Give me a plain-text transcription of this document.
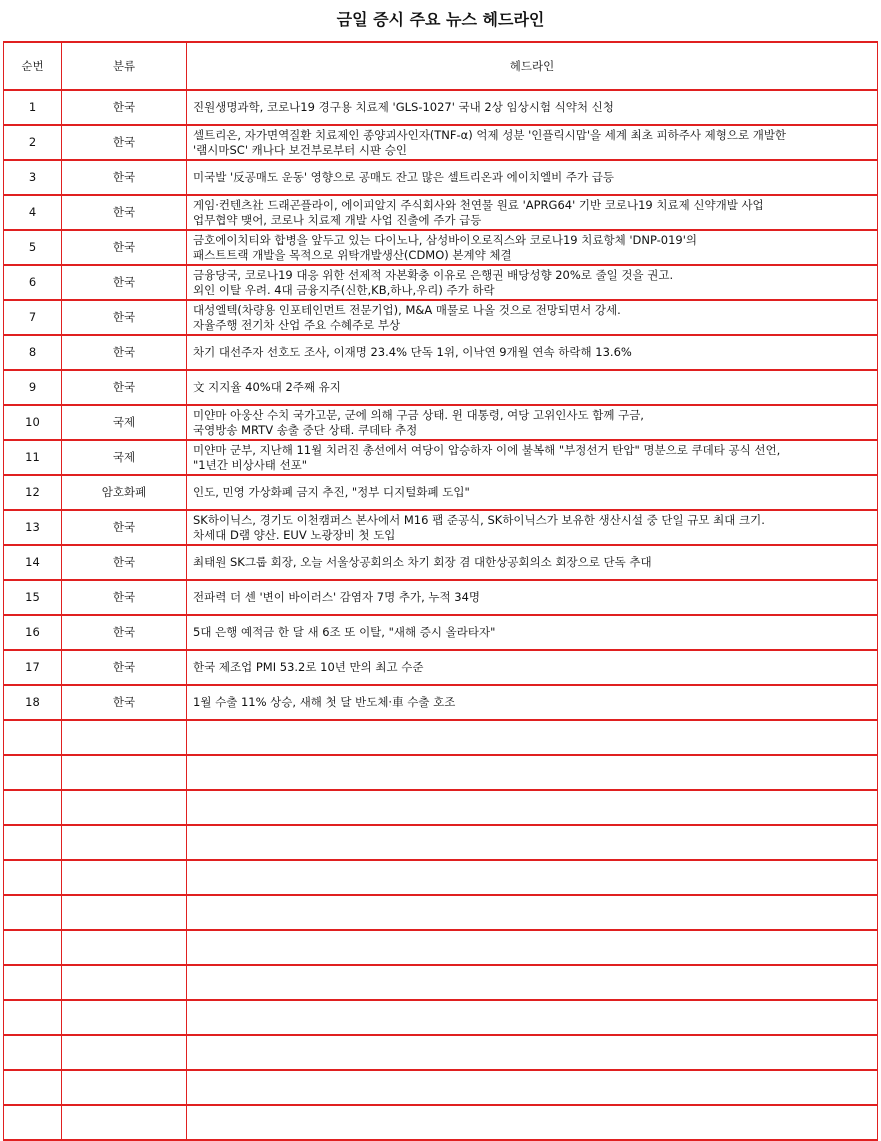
금일 증시 주요 뉴스 헤드라인
순번	분류	헤드라인
1	한국	진원생명과학, 코로나19 경구용 치료제 'GLS-1027' 국내 2상 임상시험 식약처 신청

2	한국	셀트리온, 자가면역질환 치료제인 종양괴사인자(TNF-α) 억제 성분 '인플릭시맙'을 세계 최초 피하주사 제형으로 개발한
'램시마SC' 캐나다 보건부로부터 시판 승인

3	한국	미국발 '反공매도 운동' 영향으로 공매도 잔고 많은 셀트리온과 에이치엘비 주가 급등

4	한국	게임·컨텐츠社 드래곤플라이, 에이피알지 주식회사와 천연물 원료 'APRG64' 기반 코로나19 치료제 신약개발 사업
업무협약 맺어, 코로나 치료제 개발 사업 진출에 주가 급등

5	한국	금호에이치티와 합병을 앞두고 있는 다이노나, 삼성바이오로직스와 코로나19 치료항체 'DNP-019'의
패스트트랙 개발을 목적으로 위탁개발생산(CDMO) 본계약 체결

6	한국	금융당국, 코로나19 대응 위한 선제적 자본확충 이유로 은행권 배당성향 20%로 줄일 것을 권고.
외인 이탈 우려. 4대 금융지주(신한,KB,하나,우리) 주가 하락

7	한국	대성엘텍(차량용 인포테인먼트 전문기업), M&A 매물로 나올 것으로 전망되면서 강세.
자율주행 전기차 산업 주요 수혜주로 부상

8	한국	차기 대선주자 선호도 조사, 이재명 23.4% 단독 1위, 이낙연 9개월 연속 하락해 13.6%

9	한국	文 지지율 40%대 2주째 유지

10	국제	미얀마 아웅산 수치 국가고문, 군에 의해 구금 상태. 윈 대통령, 여당 고위인사도 함께 구금,
국영방송 MRTV 송출 중단 상태. 쿠데타 추정

11	국제	미얀마 군부, 지난해 11월 치러진 총선에서 여당이 압승하자 이에 불복해 "부정선거 탄압" 명분으로 쿠데타 공식 선언,
"1년간 비상사태 선포"

12	암호화폐	인도, 민영 가상화폐 금지 추진, "정부 디지털화폐 도입"

13	한국	SK하이닉스, 경기도 이천캠퍼스 본사에서 M16 팹 준공식, SK하이닉스가 보유한 생산시설 중 단일 규모 최대 크기.
차세대 D램 양산. EUV 노광장비 첫 도입

14	한국	최태원 SK그룹 회장, 오늘 서울상공회의소 차기 회장 겸 대한상공회의소 회장으로 단독 추대

15	한국	전파력 더 센 '변이 바이러스' 감염자 7명 추가, 누적 34명

16	한국	5대 은행 예적금 한 달 새 6조 또 이탈, "새해 증시 올라타자"

17	한국	한국 제조업 PMI 53.2로 10년 만의 최고 수준

18	한국	1월 수출 11% 상승, 새해 첫 달 반도체·車 수출 호조
